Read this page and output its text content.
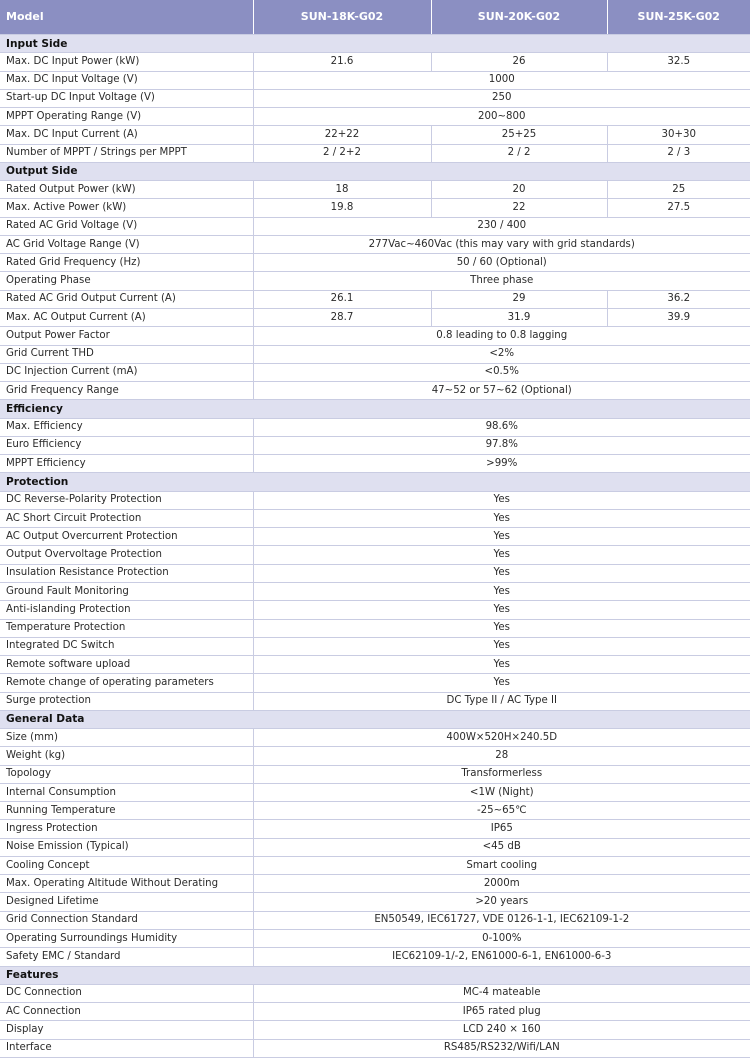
Model	SUN-18K-G02	SUN-20K-G02	SUN-25K-G02
Input Side			
Max. DC Input Power (kW)	21.6	26	32.5
Max. DC Input Voltage (V)	1000		
Start-up DC Input Voltage (V)	250		
MPPT Operating Range (V)	200~800		
Max. DC Input Current (A)	22+22	25+25	30+30
Number of MPPT / Strings per MPPT	2 / 2+2	2 / 2	2 / 3
Output Side			
Rated Output Power (kW)	18	20	25
Max. Active Power (kW)	19.8	22	27.5
Rated AC Grid Voltage (V)	230 / 400		
AC Grid Voltage Range (V)	277Vac~460Vac (this may vary with grid standards)		
Rated Grid Frequency (Hz)	50 / 60 (Optional)		
Operating Phase	Three phase		
Rated AC Grid Output Current (A)	26.1	29	36.2
Max. AC Output Current (A)	28.7	31.9	39.9
Output Power Factor	0.8 leading to 0.8 lagging		
Grid Current THD	<2%		
DC Injection Current (mA)	<0.5%		
Grid Frequency Range	47~52 or 57~62 (Optional)		
Efficiency			
Max. Efficiency	98.6%		
Euro Efficiency	97.8%		
MPPT Efficiency	>99%		
Protection			
DC Reverse-Polarity Protection	Yes		
AC Short Circuit Protection	Yes		
AC Output Overcurrent Protection	Yes		
Output Overvoltage Protection	Yes		
Insulation Resistance Protection	Yes		
Ground Fault Monitoring	Yes		
Anti-islanding Protection	Yes		
Temperature Protection	Yes		
Integrated DC Switch	Yes		
Remote software upload	Yes		
Remote change of operating parameters	Yes		
Surge protection	DC Type II / AC Type II		
General Data			
Size (mm)	400W×520H×240.5D		
Weight (kg)	28		
Topology	Transformerless		
Internal Consumption	<1W (Night)		
Running Temperature	-25~65℃		
Ingress Protection	IP65		
Noise Emission (Typical)	<45 dB		
Cooling Concept	Smart cooling		
Max. Operating Altitude Without Derating	2000m		
Designed Lifetime	>20 years		
Grid Connection Standard	EN50549, IEC61727, VDE 0126-1-1, IEC62109-1-2		
Operating Surroundings Humidity	0-100%		
Safety EMC / Standard	IEC62109-1/-2, EN61000-6-1, EN61000-6-3		
Features			
DC Connection	MC-4 mateable		
AC Connection	IP65 rated plug		
Display	LCD 240 × 160		
Interface	RS485/RS232/Wifi/LAN		
